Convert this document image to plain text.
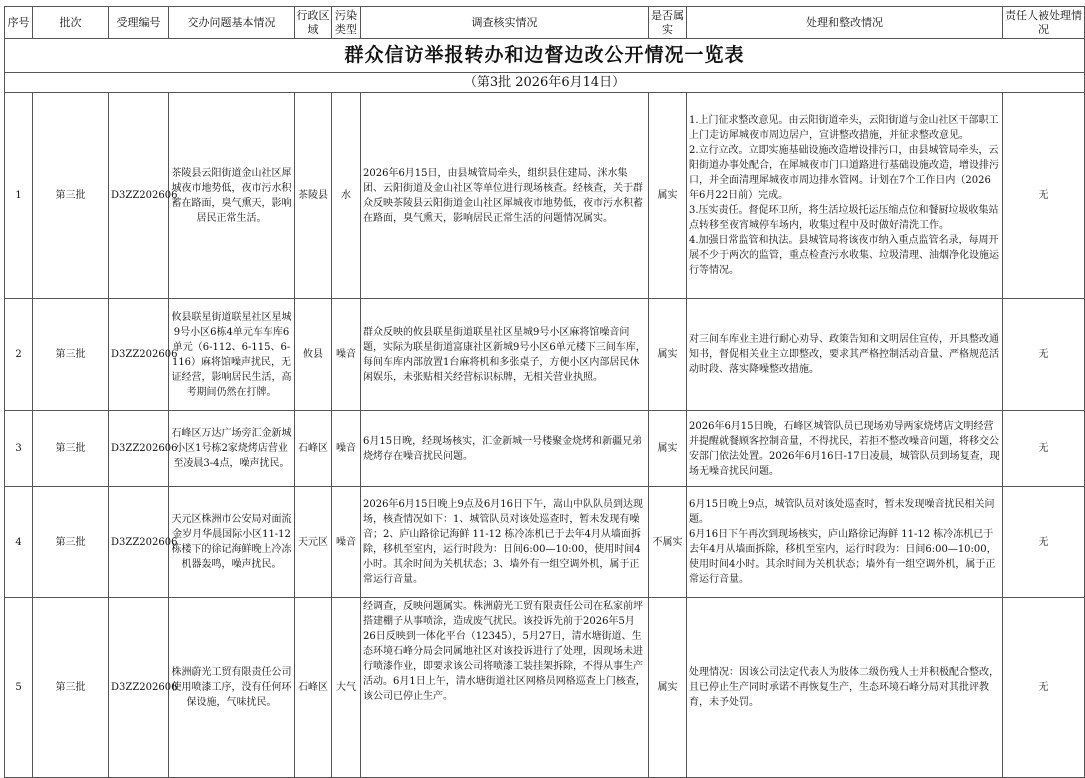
群众信访举报转办和边督边改公开情况一览表									
（第3批 2026年6月14日）									
序号	批次	受理编号	交办问题基本情况	行政区域	污染类型	调查核实情况	是否属实	处理和整改情况	责任人被处理情况
1	第三批	D3ZZ202606	茶陵县云阳街道金山社区犀城夜市地势低，夜市污水积蓄在路面，臭气熏天，影响居民正常生活。	茶陵县	水	2026年6月15日，由县城管局牵头，组织县住建局、洣水集团、云阳街道及金山社区等单位进行现场核查。经核查，关于群众反映茶陵县云阳街道金山社区犀城夜市地势低，夜市污水积蓄在路面，臭气熏天，影响居民正常生活的问题情况属实。	属实	1.上门征求整改意见。由云阳街道牵头，云阳街道与金山社区干部职工上门走访犀城夜市周边居户，宣讲整改措施，并征求整改意见。
2.立行立改。立即实施基础设施改造增设排污口，由县城管局牵头，云阳街道办事处配合，在犀城夜市门口道路进行基础设施改造，增设排污口，并全面清理犀城夜市周边排水管网。计划在7个工作日内（2026年6月22日前）完成。
3.压实责任。督促环卫所，将生活垃圾托运压缩点位和餐厨垃圾收集站点转移至夜宵城停车场内，收集过程中及时做好清洗工作。
4.加强日常监管和执法。县城管局将该夜市纳入重点监管名录，每周开展不少于两次的监管，重点检查污水收集、垃圾清理、油烟净化设施运行等情况。	无
2	第三批	D3ZZ202606	攸县联星街道联星社区星城9号小区6栋4单元车车库6单元（6-112、6-115、6-116）麻将馆噪声扰民，无证经营，影响居民生活，高考期间仍然在打牌。	攸县	噪音	群众反映的攸县联星街道联星社区星城9号小区麻将馆噪音问题，实际为联星街道富康社区新城9号小区6单元楼下三间车库，每间车库内部放置1台麻将机和多张桌子，方便小区内部居民休闲娱乐，未张贴相关经营标识标牌，无相关营业执照。	属实	对三间车库业主进行耐心劝导、政策告知和文明居住宣传，开具整改通知书，督促相关业主立即整改，要求其严格控制活动音量、严格规范活动时段、落实降噪整改措施。	无
3	第三批	D3ZZ202606	石峰区万达广场旁汇金新城小区1号栋2家烧烤店营业至凌晨3-4点，噪声扰民。	石峰区	噪音	6月15日晚，经现场核实，汇金新城一号楼聚金烧烤和新疆兄弟烧烤存在噪音扰民问题。	属实	2026年6月15日晚，石峰区城管队员已现场劝导两家烧烤店文明经营并提醒就餐顾客控制音量，不得扰民，若拒不整改噪音问题，将移交公安部门依法处置。2026年6月16日-17日凌晨，城管队员到场复查，现场无噪音扰民问题。	无
4	第三批	D3ZZ202606	天元区株洲市公安局对面流金岁月华晨国际小区11-12栋楼下的徐记海鲜晚上冷冻机器轰鸣，噪声扰民。	天元区	噪音	2026年6月15日晚上9点及6月16日下午，嵩山中队队员到达现场，核查情况如下：1、城管队员对该处巡查时，暂未发现有噪音；2、庐山路徐记海鲜 11-12 栋冷冻机已于去年4月从墙面拆除，移机至室内，运行时段为：日间6:00—10:00，使用时间4小时。其余时间为关机状态；3、墙外有一组空调外机，属于正常运行音量。	不属实	6月15日晚上9点，城管队员对该处巡查时，暂未发现噪音扰民相关问题。
6月16日下午再次到现场核实，庐山路徐记海鲜 11-12 栋冷冻机已于去年4月从墙面拆除，移机至室内，运行时段为：日间6:00—10:00，使用时间4小时。其余时间为关机状态；墙外有一组空调外机，属于正常运行音量。	无
5	第三批	D3ZZ202606	株洲蔚光工贸有限责任公司使用喷漆工序，没有任何环保设施，气味扰民。	石峰区	大气	经调查，反映问题属实。株洲蔚光工贸有限责任公司在私家前坪搭建棚子从事喷涂，造成废气扰民。该投诉先前于2026年5月26日反映到一体化平台（12345），5月27日，清水塘街道、生态环境石峰分局会同属地社区对该投诉进行了处理，因现场未进行喷漆作业，即要求该公司将喷漆工装挂架拆除，不得从事生产活动。6月1日上午，清水塘街道社区网格员网格巡查上门核查，该公司已停止生产。	属实	处理情况：因该公司法定代表人为肢体二级伤残人士并积极配合整改，且已停止生产同时承诺不再恢复生产，生态环境石峰分局对其批评教育，未予处罚。	无
